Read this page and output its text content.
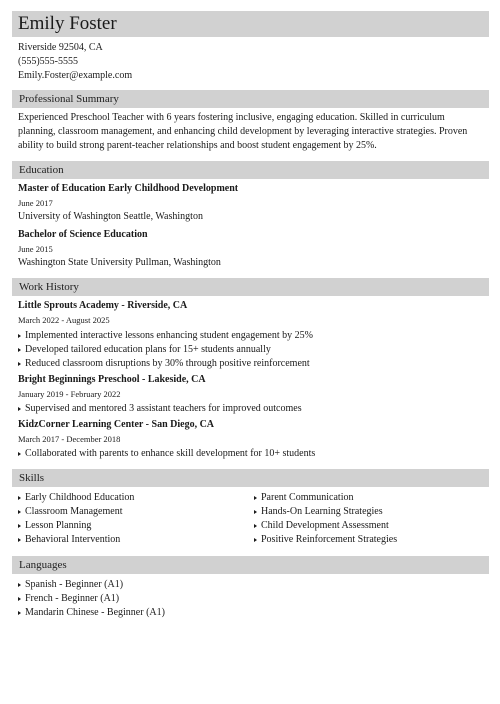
Emily Foster
Riverside 92504, CA
(555)555-5555
Emily.Foster@example.com
Professional Summary
Experienced Preschool Teacher with 6 years fostering inclusive, engaging education. Skilled in curriculum planning, classroom management, and enhancing child development by leveraging interactive strategies. Proven ability to build strong parent-teacher relationships and boost student engagement by 25%.
Education
Master of Education Early Childhood Development
June 2017
University of Washington Seattle, Washington
Bachelor of Science Education
June 2015
Washington State University Pullman, Washington
Work History
Little Sprouts Academy - Riverside, CA
March 2022 - August 2025
Implemented interactive lessons enhancing student engagement by 25%
Developed tailored education plans for 15+ students annually
Reduced classroom disruptions by 30% through positive reinforcement
Bright Beginnings Preschool - Lakeside, CA
January 2019 - February 2022
Supervised and mentored 3 assistant teachers for improved outcomes
KidzCorner Learning Center - San Diego, CA
March 2017 - December 2018
Collaborated with parents to enhance skill development for 10+ students
Skills
Early Childhood Education
Classroom Management
Lesson Planning
Behavioral Intervention
Parent Communication
Hands-On Learning Strategies
Child Development Assessment
Positive Reinforcement Strategies
Languages
Spanish - Beginner (A1)
French - Beginner (A1)
Mandarin Chinese - Beginner (A1)
